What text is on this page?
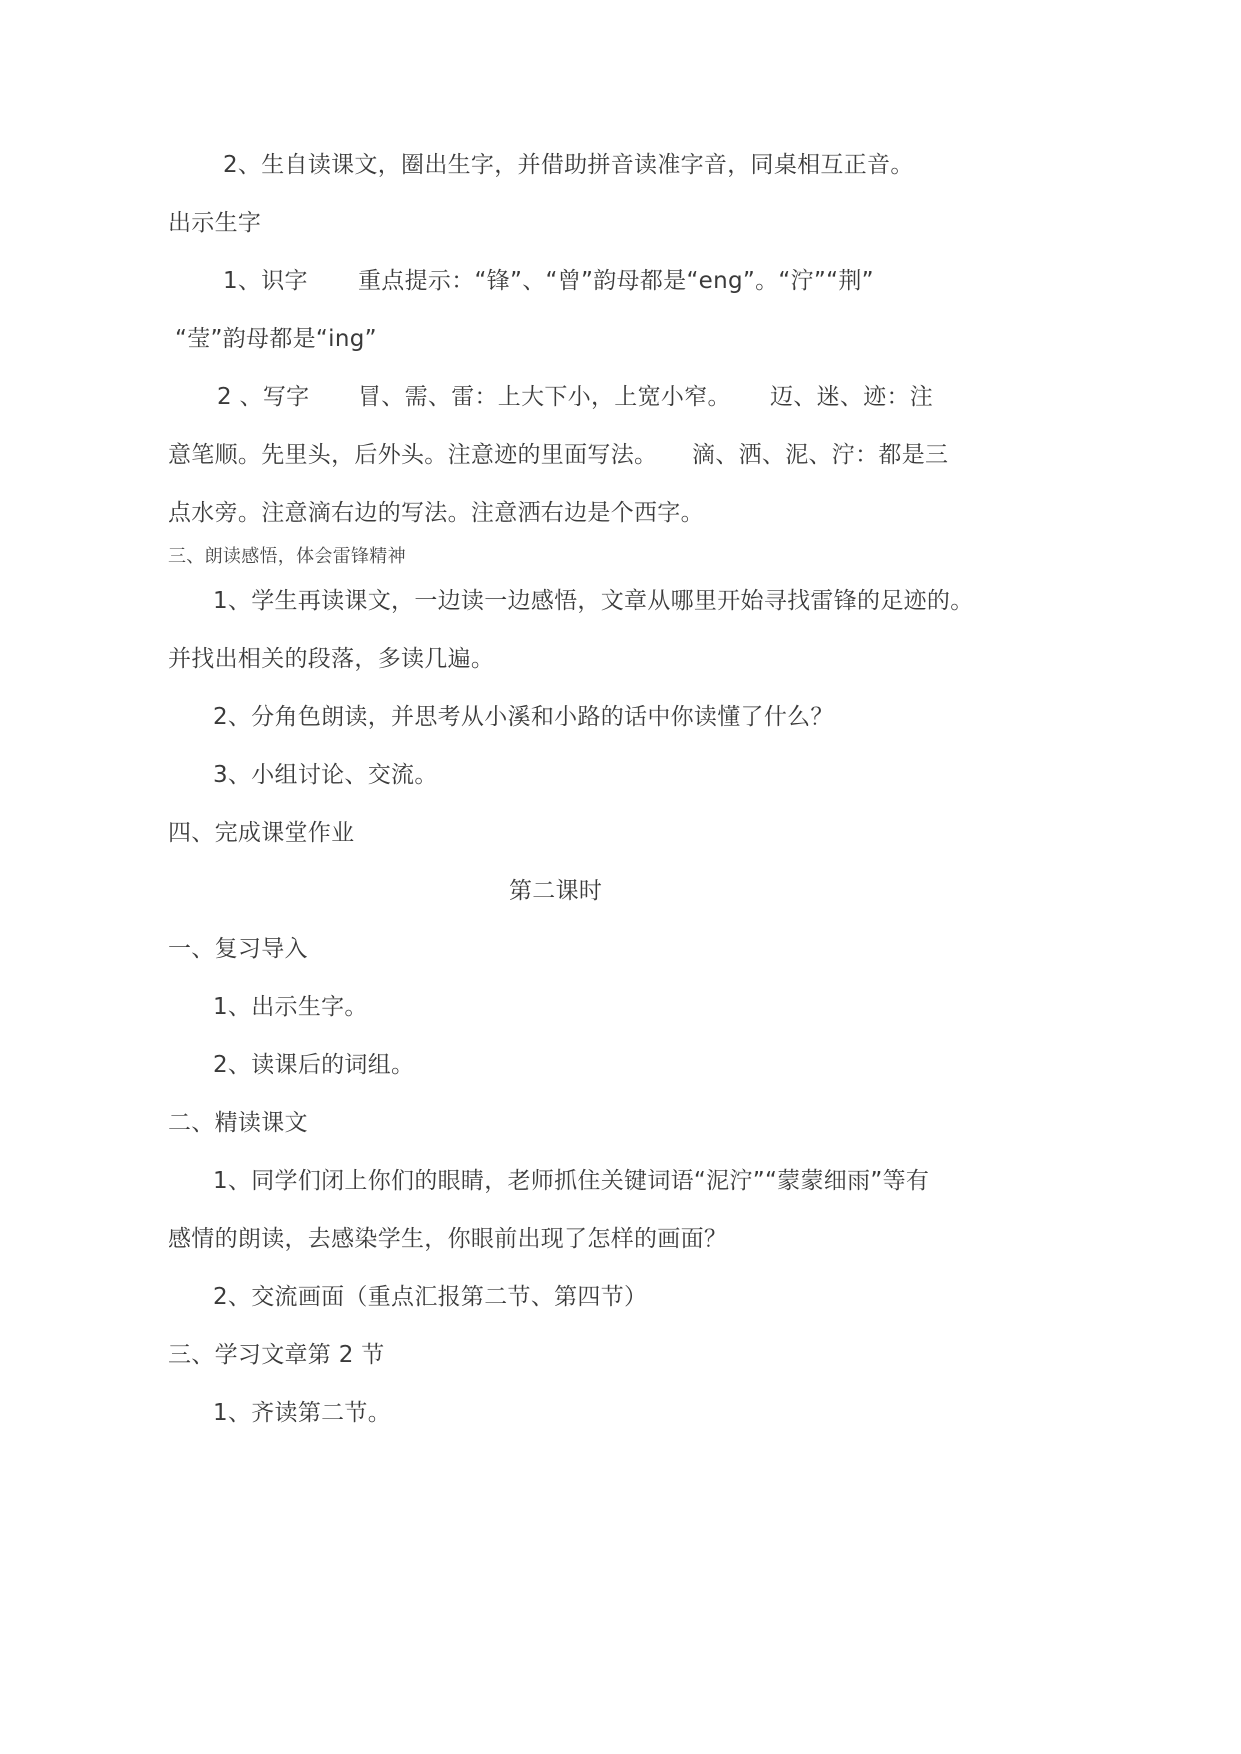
2、生自读课文，圈出生字，并借助拼音读准字音，同桌相互正音。
出示生字
1、识字 重点提示：“锋”、“曾”韵母都是“eng”。“泞”“荆”
“莹”韵母都是“ing”
2 、写字 冒、需、雷：上大下小，上宽小窄。 迈、迷、迹：注
意笔顺。先里头，后外头。注意迹的里面写法。 滴、洒、泥、泞：都是三
点水旁。注意滴右边的写法。注意洒右边是个西字。
三、朗读感悟，体会雷锋精神
1、学生再读课文，一边读一边感悟，文章从哪里开始寻找雷锋的足迹的。
并找出相关的段落，多读几遍。
2、分角色朗读，并思考从小溪和小路的话中你读懂了什么？
3、小组讨论、交流。
四、完成课堂作业
第二课时
一、复习导入
1、出示生字。
2、读课后的词组。
二、精读课文
1、同学们闭上你们的眼睛，老师抓住关键词语“泥泞”“蒙蒙细雨”等有
感情的朗读，去感染学生，你眼前出现了怎样的画面？
2、交流画面（重点汇报第二节、第四节）
三、学习文章第 2 节
1、齐读第二节。
